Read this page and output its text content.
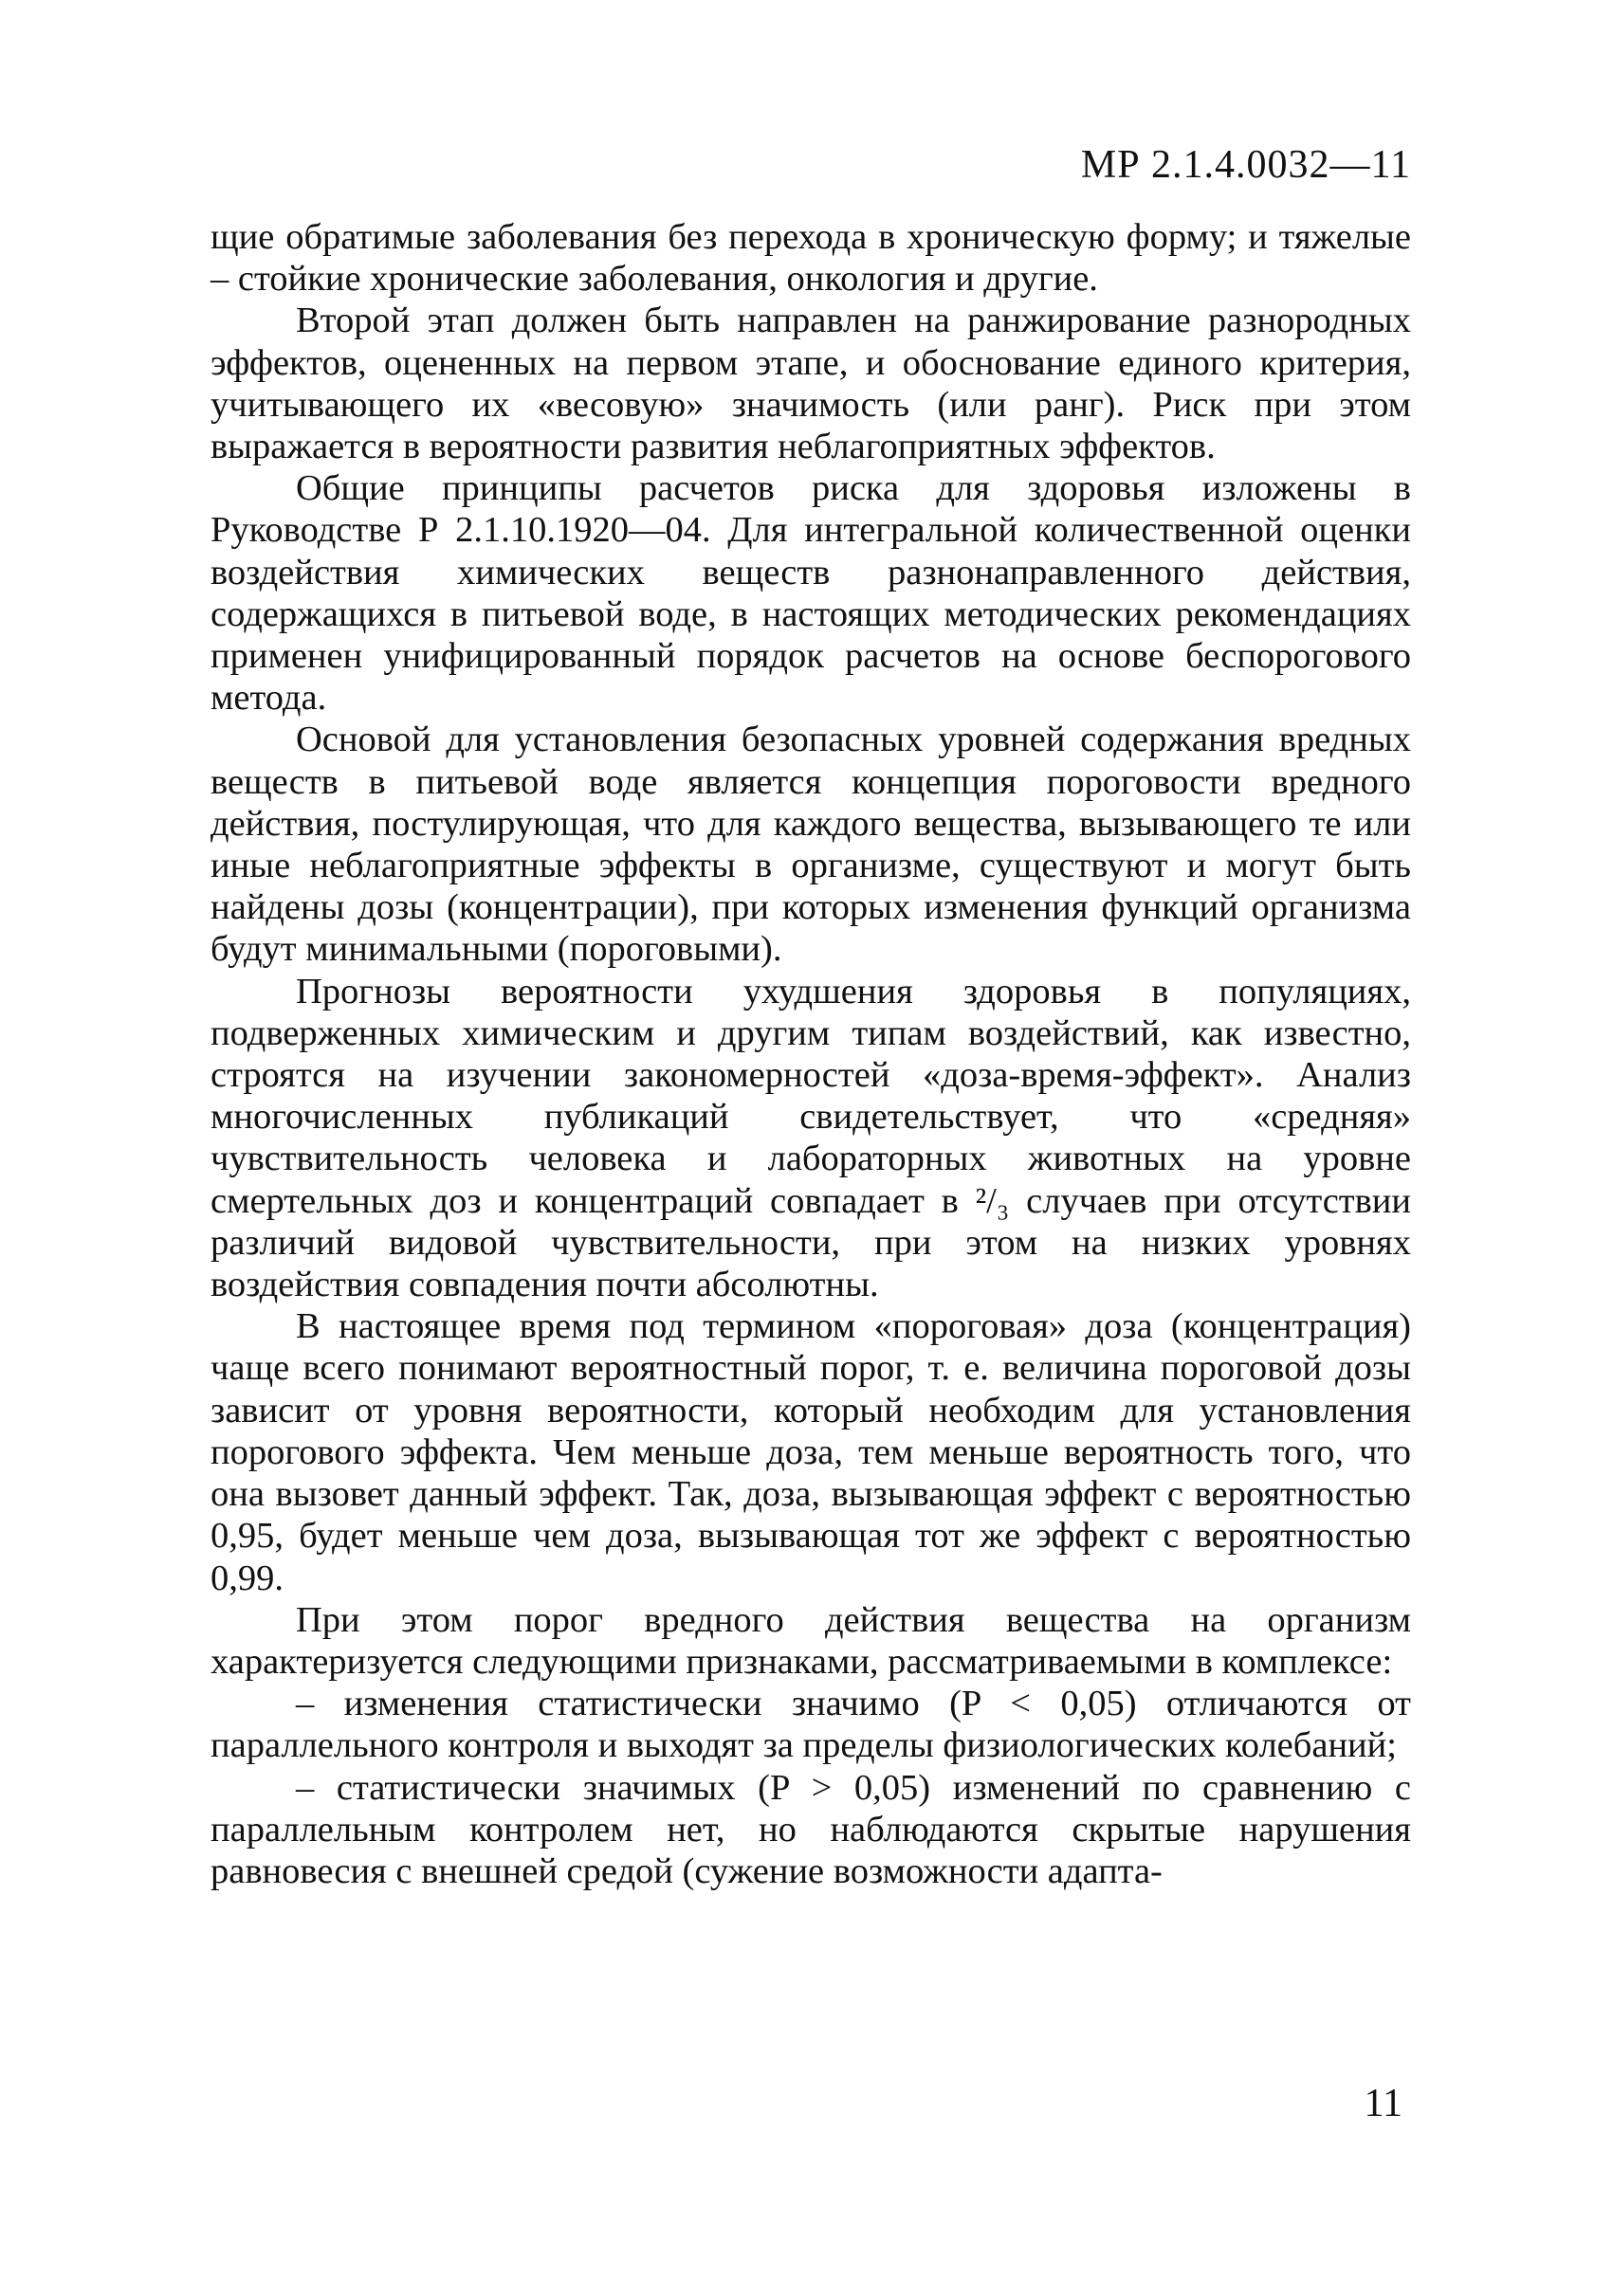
МР 2.1.4.0032—11

щие обратимые заболевания без перехода в хроническую форму; и тяжелые – стойкие хронические заболевания, онкология и другие.

Второй этап должен быть направлен на ранжирование разнородных эффектов, оцененных на первом этапе, и обоснование единого критерия, учитывающего их «весовую» значимость (или ранг). Риск при этом выражается в вероятности развития неблагоприятных эффектов.

Общие принципы расчетов риска для здоровья изложены в Руководстве Р 2.1.10.1920—04. Для интегральной количественной оценки воздействия химических веществ разнонаправленного действия, содержащихся в питьевой воде, в настоящих методических рекомендациях применен унифицированный порядок расчетов на основе беспорогового метода.

Основой для установления безопасных уровней содержания вредных веществ в питьевой воде является концепция пороговости вредного действия, постулирующая, что для каждого вещества, вызывающего те или иные неблагоприятные эффекты в организме, существуют и могут быть найдены дозы (концентрации), при которых изменения функций организма будут минимальными (пороговыми).

Прогнозы вероятности ухудшения здоровья в популяциях, подверженных химическим и другим типам воздействий, как известно, строятся на изучении закономерностей «доза-время-эффект». Анализ многочисленных публикаций свидетельствует, что «средняя» чувствительность человека и лабораторных животных на уровне смертельных доз и концентраций совпадает в ²/₃ случаев при отсутствии различий видовой чувствительности, при этом на низких уровнях воздействия совпадения почти абсолютны.

В настоящее время под термином «пороговая» доза (концентрация) чаще всего понимают вероятностный порог, т. е. величина пороговой дозы зависит от уровня вероятности, который необходим для установления порогового эффекта. Чем меньше доза, тем меньше вероятность того, что она вызовет данный эффект. Так, доза, вызывающая эффект с вероятностью 0,95, будет меньше чем доза, вызывающая тот же эффект с вероятностью 0,99.

При этом порог вредного действия вещества на организм характеризуется следующими признаками, рассматриваемыми в комплексе:

– изменения статистически значимо (P < 0,05) отличаются от параллельного контроля и выходят за пределы физиологических колебаний;

– статистически значимых (P > 0,05) изменений по сравнению с параллельным контролем нет, но наблюдаются скрытые нарушения равновесия с внешней средой (сужение возможности адапта-

11
